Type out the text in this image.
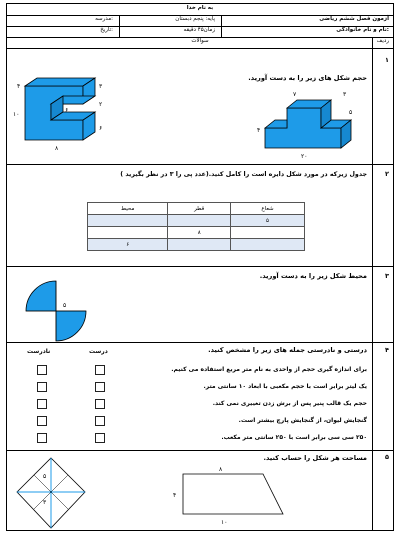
به نام خدا
آزمون فصل ششم ریاضی
پایه: پنجم دبستان
مدرسه:
نام و نام خانوادگی:
زمان۴۵ دقیقه
تاریخ:
ردیف
سوالات
۱
حجم شکل های زیر را به دست آورید.
۴	۳
۲
۶
۱۰
۸
۶
۷	۳
۵
۴
۲۰
۲
جدول زیرکه در مورد شکل دایره است را کامل کنید.(عدد پی را ۳ در نظر بگیرید )
محیط	قطر	شعاع
		۵
	۸	
۶		
۳
محیط شکل زیر را به دست آورید.
۵
۴
درستی و نادرستی جمله های زیر را مشخص کنید.
درست
نادرست
برای اندازه گیری حجم از واحدی به نام متر مربع استفاده می کنیم.
یک لیتر برابر است با حجم مکعبی با ابعاد ۱۰ سانتی متر.
حجم یک قالب پنیر پس از برش زدن تغییری نمی کند.
گنجایش لیوان، از گنجایش پارچ بیشتر است.
۲۵۰ سی سی برابر است با ۲۵۰ سانتی متر مکعب.
۵
مساحت هر شکل را حساب کنید.
۵
۳
۸
۴
۱۰
